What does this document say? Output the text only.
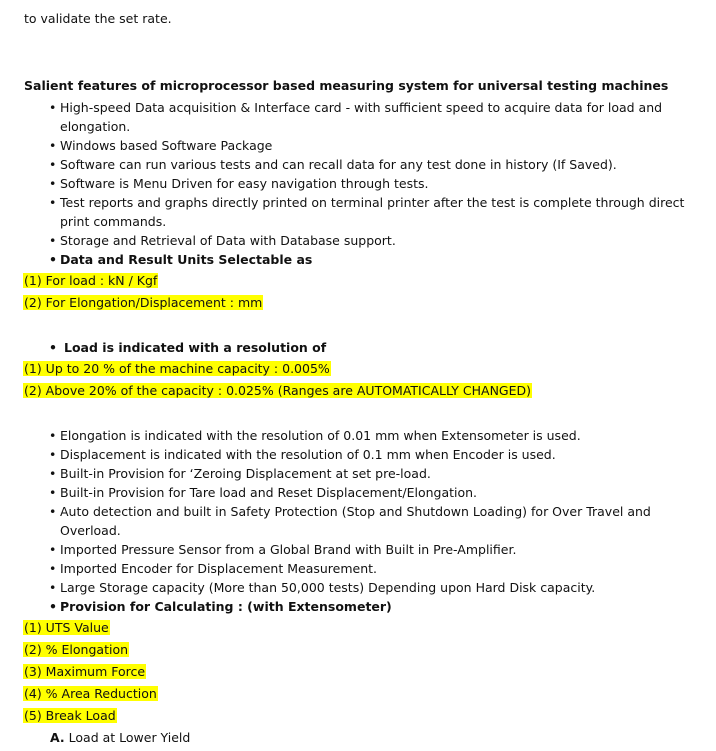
to validate the set rate.
Salient features of microprocessor based measuring system for universal testing machines
• High-speed Data acquisition & Interface card - with sufficient speed to acquire data for load and
elongation.
• Windows based Software Package
• Software can run various tests and can recall data for any test done in history (If Saved).
• Software is Menu Driven for easy navigation through tests.
• Test reports and graphs directly printed on terminal printer after the test is complete through direct
print commands.
• Storage and Retrieval of Data with Database support.
• Data and Result Units Selectable as
(1) For load : kN / Kgf
(2) For Elongation/Displacement : mm
• Load is indicated with a resolution of
(1) Up to 20 % of the machine capacity : 0.005%
(2) Above 20% of the capacity : 0.025% (Ranges are AUTOMATICALLY CHANGED)
• Elongation is indicated with the resolution of 0.01 mm when Extensometer is used.
• Displacement is indicated with the resolution of 0.1 mm when Encoder is used.
• Built-in Provision for ‘Zeroing Displacement at set pre-load.
• Built-in Provision for Tare load and Reset Displacement/Elongation.
• Auto detection and built in Safety Protection (Stop and Shutdown Loading) for Over Travel and
Overload.
• Imported Pressure Sensor from a Global Brand with Built in Pre-Amplifier.
• Imported Encoder for Displacement Measurement.
• Large Storage capacity (More than 50,000 tests) Depending upon Hard Disk capacity.
• Provision for Calculating : (with Extensometer)
(1) UTS Value
(2) % Elongation
(3) Maximum Force
(4) % Area Reduction
(5) Break Load
A. Load at Lower Yield
